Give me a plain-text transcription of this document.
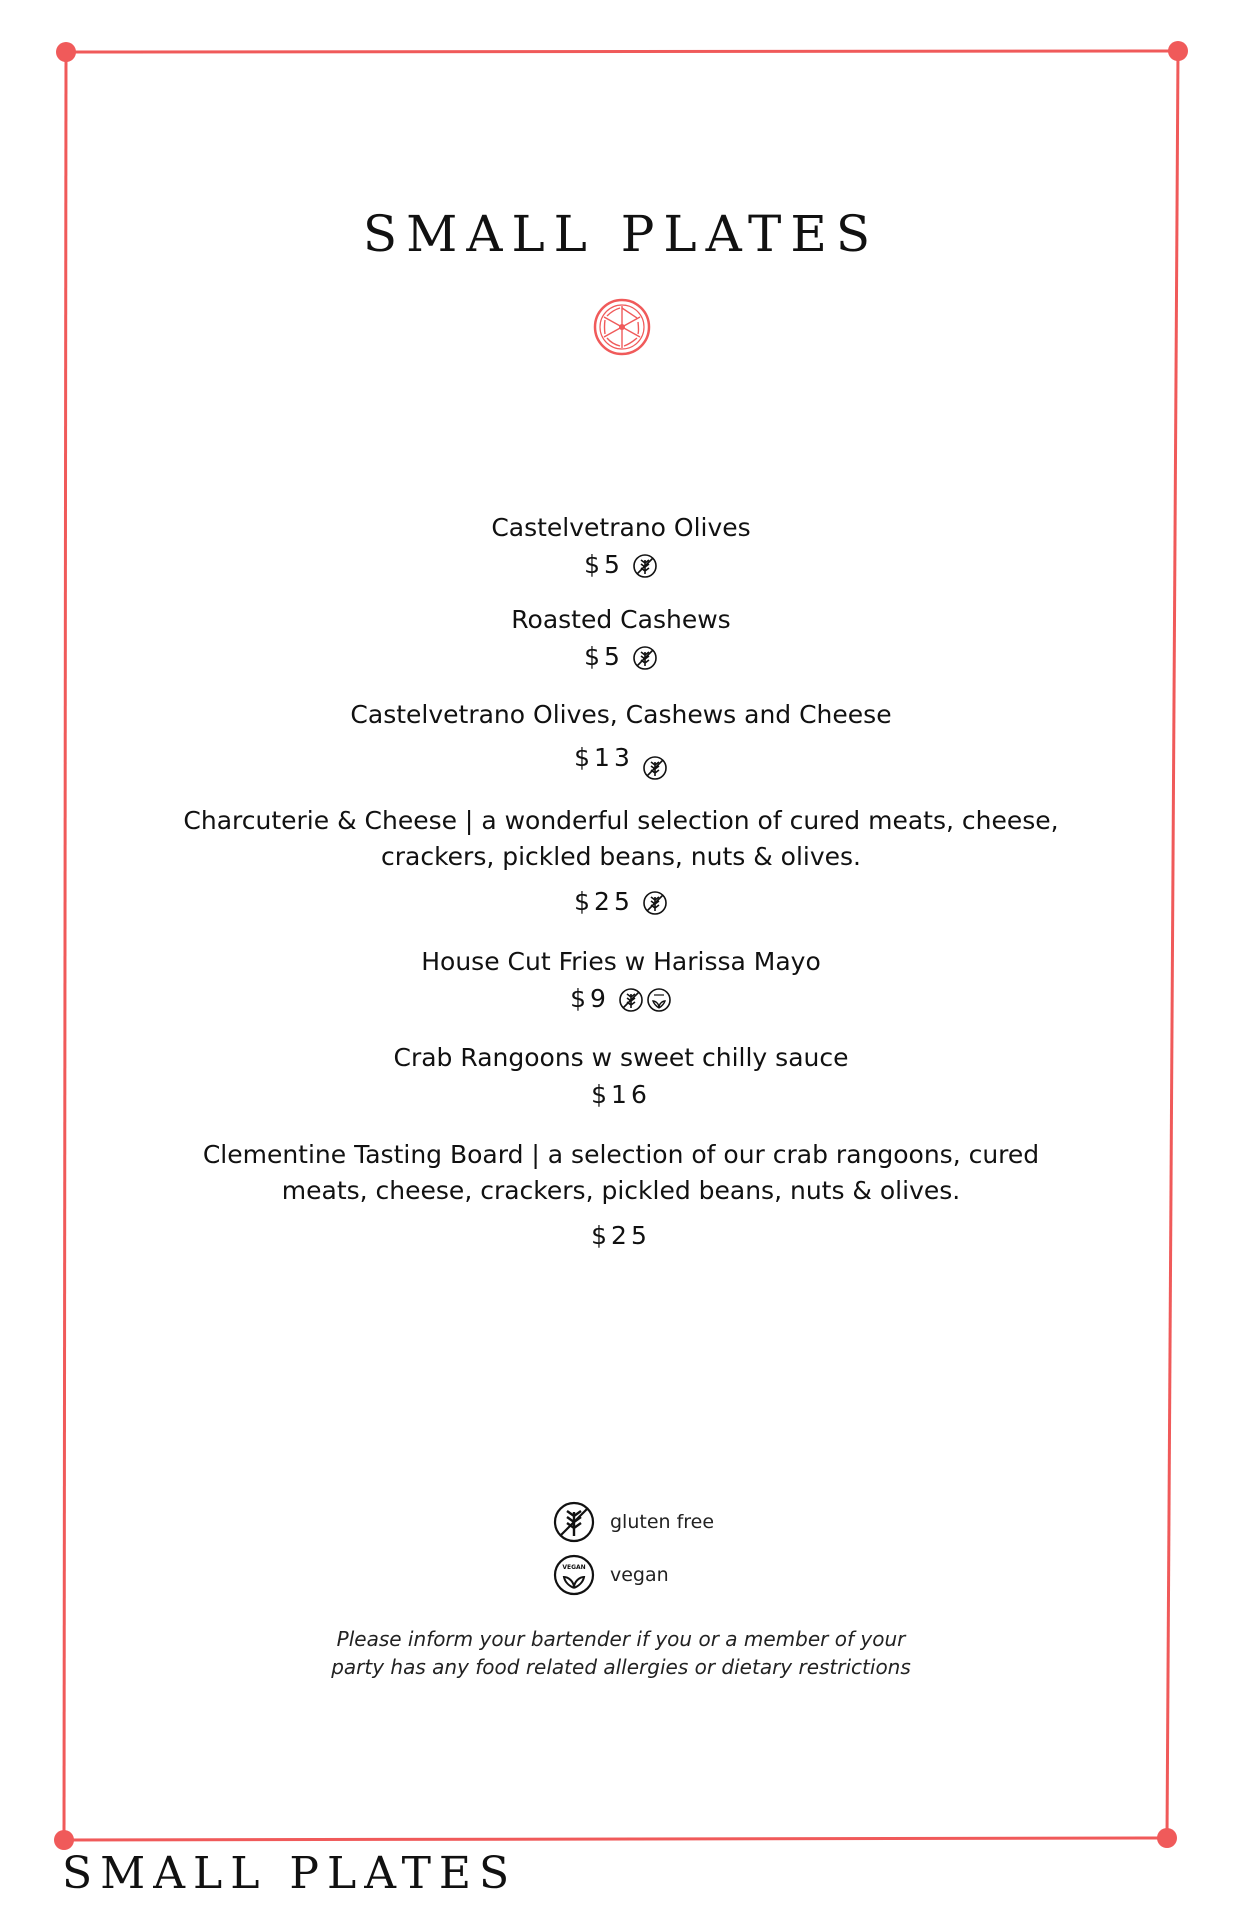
SMALL PLATES
Castelvetrano Olives
$5
Roasted Cashews
$5
Castelvetrano Olives, Cashews and Cheese
$13
Charcuterie & Cheese | a wonderful selection of cured meats, cheese, crackers, pickled beans, nuts & olives.
$25
House Cut Fries w Harissa Mayo
$9
Crab Rangoons w sweet chilly sauce
$16
Clementine Tasting Board | a selection of our crab rangoons, cured meats, cheese, crackers, pickled beans, nuts & olives.
$25
gluten free
VEGAN vegan
Please inform your bartender if you or a member of your
party has any food related allergies or dietary restrictions
SMALL PLATES
